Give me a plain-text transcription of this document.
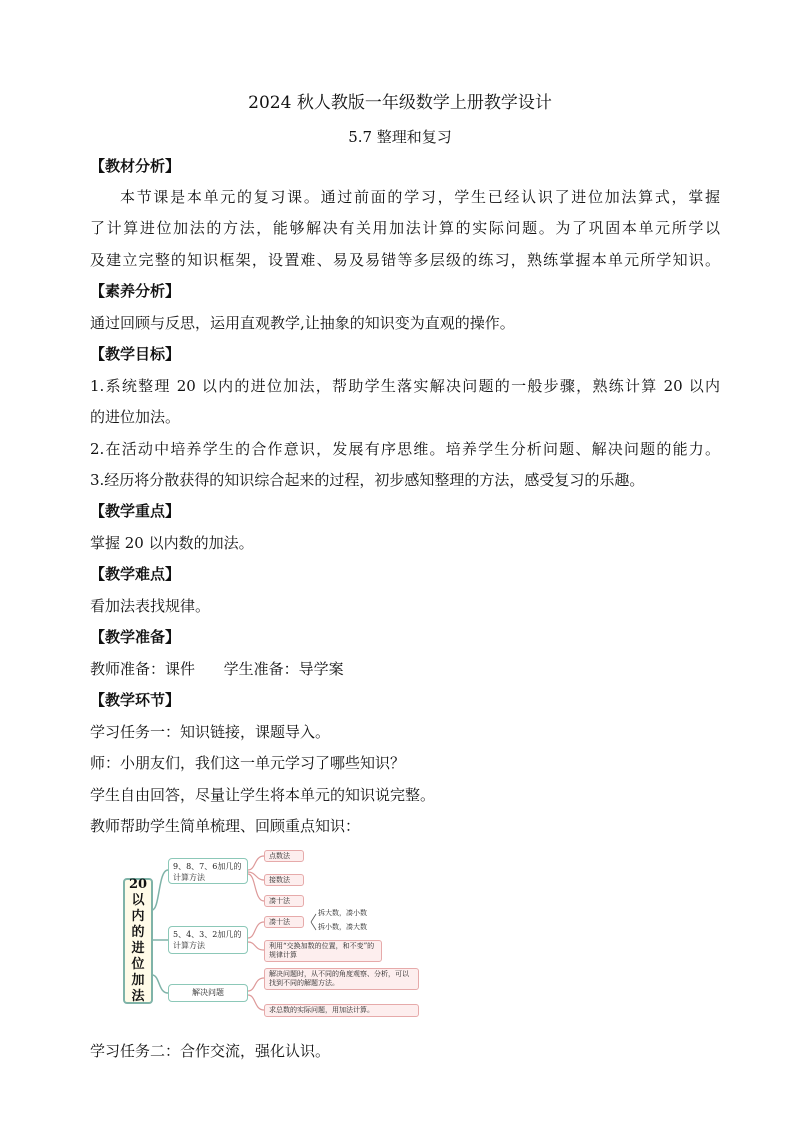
2024 秋人教版一年级数学上册教学设计
5.7 整理和复习
【教材分析】
本节课是本单元的复习课。通过前面的学习，学生已经认识了进位加法算式，掌握
了计算进位加法的方法，能够解决有关用加法计算的实际问题。为了巩固本单元所学以
及建立完整的知识框架，设置难、易及易错等多层级的练习，熟练掌握本单元所学知识。
【素养分析】
通过回顾与反思，运用直观教学,让抽象的知识变为直观的操作。
【教学目标】
1.系统整理 20 以内的进位加法，帮助学生落实解决问题的一般步骤，熟练计算 20 以内
的进位加法。
2.在活动中培养学生的合作意识，发展有序思维。培养学生分析问题、解决问题的能力。
3.经历将分散获得的知识综合起来的过程，初步感知整理的方法，感受复习的乐趣。
【教学重点】
掌握 20 以内数的加法。
【教学难点】
看加法表找规律。
【教学准备】
教师准备：课件      学生准备：导学案
【教学环节】
学习任务一：知识链接，课题导入。
师：小朋友们，我们这一单元学习了哪些知识？
学生自由回答，尽量让学生将本单元的知识说完整。
教师帮助学生简单梳理、回顾重点知识：
20
以
内
的
进
位
加
法
9、8、7、6加几的计算方法
5、4、3、2加几的计算方法
解决问题
点数法
接数法
凑十法
凑十法
拆大数，凑小数
拆小数，凑大数
利用“交换加数的位置，和不变”的规律计算
解决问题时，从不同的角度观察、分析，可以找到不同的解题方法。
求总数的实际问题，用加法计算。
学习任务二：合作交流，强化认识。
